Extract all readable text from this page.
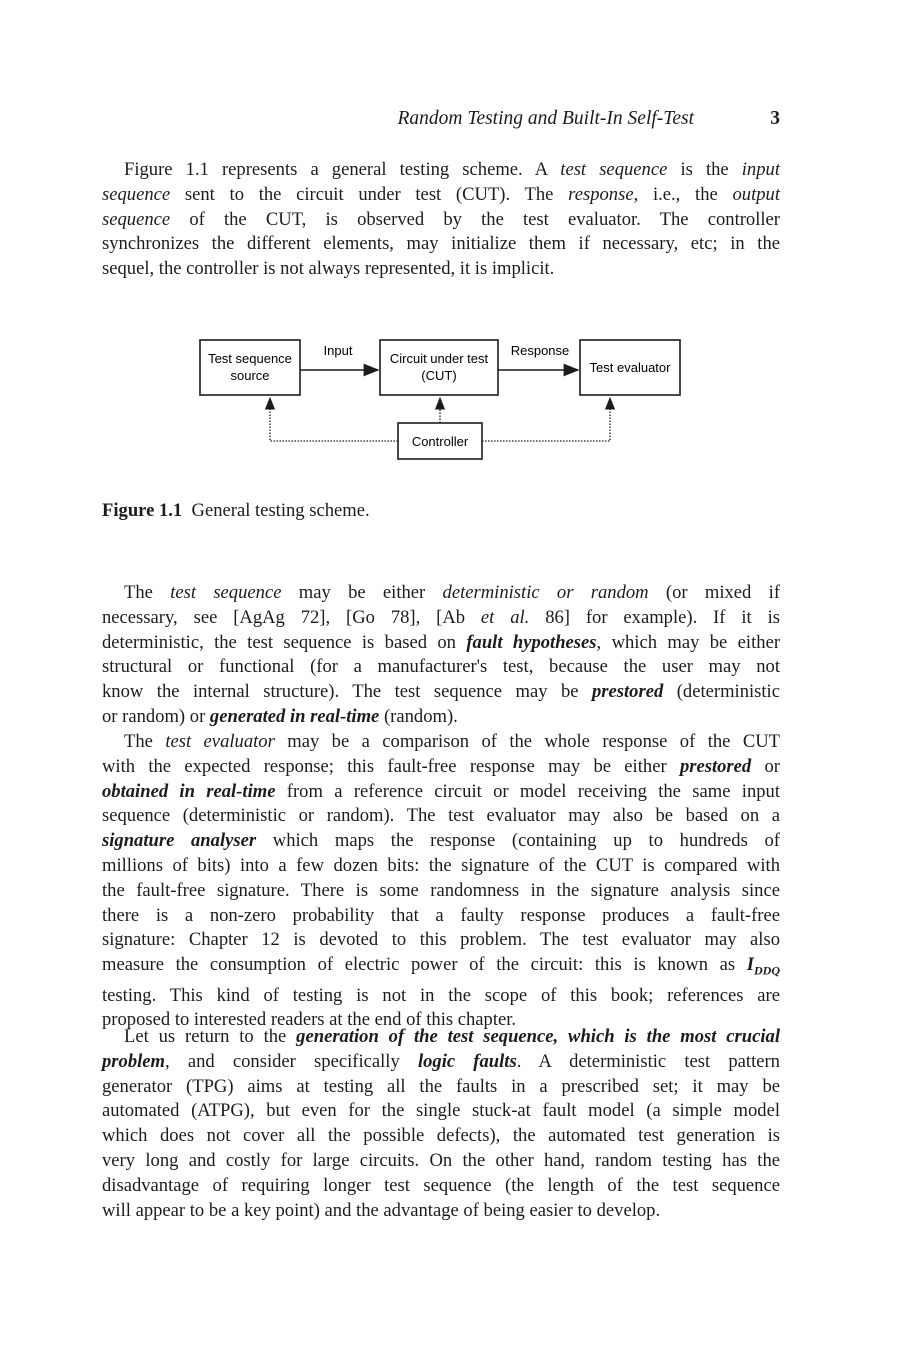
Random Testing and Built-In Self-Test	3
Figure 1.1 represents a general testing scheme. A test sequence is the input
sequence sent to the circuit under test (CUT). The response, i.e., the output
sequence of the CUT, is observed by the test evaluator. The controller
synchronizes the different elements, may initialize them if necessary, etc; in the
sequel, the controller is not always represented, it is implicit.
Test sequence
source
Input
Circuit under test
(CUT)
Response
Test evaluator
Controller
Figure 1.1 General testing scheme.
The test sequence may be either deterministic or random (or mixed if
necessary, see [AgAg 72], [Go 78], [Ab et al. 86] for example). If it is
deterministic, the test sequence is based on fault hypotheses, which may be either
structural or functional (for a manufacturer's test, because the user may not
know the internal structure). The test sequence may be prestored (deterministic
or random) or generated in real-time (random).
The test evaluator may be a comparison of the whole response of the CUT
with the expected response; this fault-free response may be either prestored or
obtained in real-time from a reference circuit or model receiving the same input
sequence (deterministic or random). The test evaluator may also be based on a
signature analyser which maps the response (containing up to hundreds of
millions of bits) into a few dozen bits: the signature of the CUT is compared with
the fault-free signature. There is some randomness in the signature analysis since
there is a non-zero probability that a faulty response produces a fault-free
signature: Chapter 12 is devoted to this problem. The test evaluator may also
measure the consumption of electric power of the circuit: this is known as $I_{DDQ}$
testing. This kind of testing is not in the scope of this book; references are
proposed to interested readers at the end of this chapter.
Let us return to the generation of the test sequence, which is the most crucial
problem, and consider specifically logic faults. A deterministic test pattern
generator (TPG) aims at testing all the faults in a prescribed set; it may be
automated (ATPG), but even for the single stuck-at fault model (a simple model
which does not cover all the possible defects), the automated test generation is
very long and costly for large circuits. On the other hand, random testing has the
disadvantage of requiring longer test sequence (the length of the test sequence
will appear to be a key point) and the advantage of being easier to develop.
